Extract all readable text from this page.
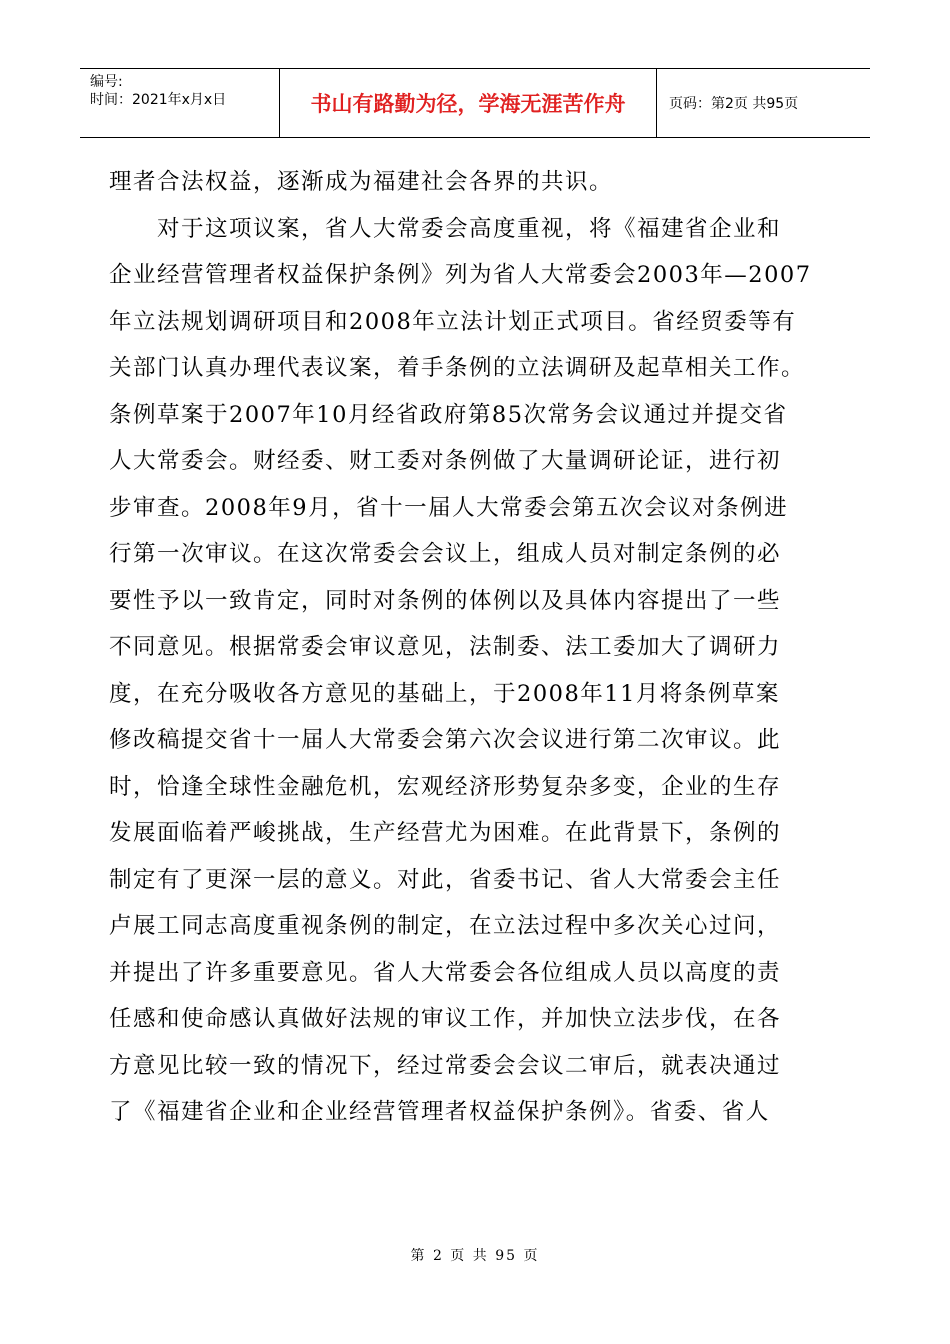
编号:
时间：2021年x月x日	书山有路勤为径，学海无涯苦作舟	页码：第2页 共95页
理者合法权益，逐渐成为福建社会各界的共识。
　　对于这项议案，省人大常委会高度重视，将《福建省企业和
企业经营管理者权益保护条例》列为省人大常委会2003年—2007
年立法规划调研项目和2008年立法计划正式项目。省经贸委等有
关部门认真办理代表议案，着手条例的立法调研及起草相关工作。
条例草案于2007年10月经省政府第85次常务会议通过并提交省
人大常委会。财经委、财工委对条例做了大量调研论证，进行初
步审查。2008年9月，省十一届人大常委会第五次会议对条例进
行第一次审议。在这次常委会会议上，组成人员对制定条例的必
要性予以一致肯定，同时对条例的体例以及具体内容提出了一些
不同意见。根据常委会审议意见，法制委、法工委加大了调研力
度，在充分吸收各方意见的基础上，于2008年11月将条例草案
修改稿提交省十一届人大常委会第六次会议进行第二次审议。此
时，恰逢全球性金融危机，宏观经济形势复杂多变，企业的生存
发展面临着严峻挑战，生产经营尤为困难。在此背景下，条例的
制定有了更深一层的意义。对此，省委书记、省人大常委会主任
卢展工同志高度重视条例的制定，在立法过程中多次关心过问，
并提出了许多重要意见。省人大常委会各位组成人员以高度的责
任感和使命感认真做好法规的审议工作，并加快立法步伐，在各
方意见比较一致的情况下，经过常委会会议二审后，就表决通过
了《福建省企业和企业经营管理者权益保护条例》。省委、省人
第 2 页 共 95 页
